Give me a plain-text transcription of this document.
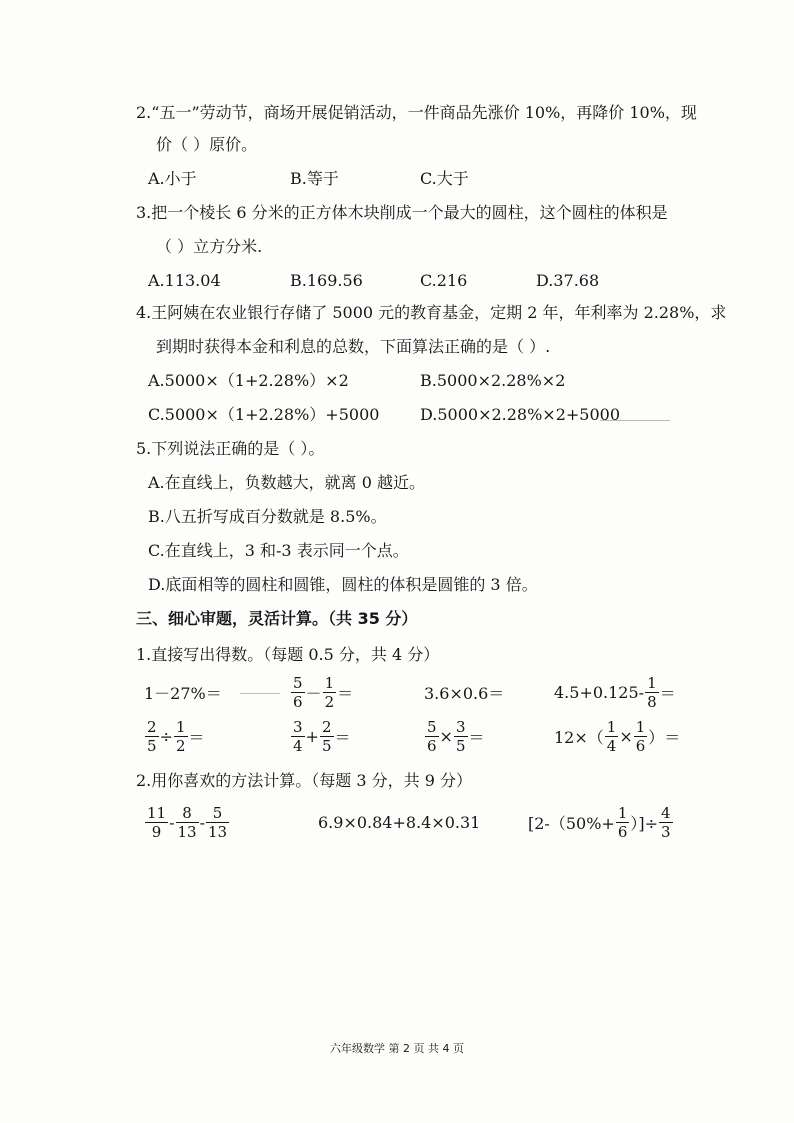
2.“五一”劳动节，商场开展促销活动，一件商品先涨价 10%，再降价 10%，现
价（ ）原价。
A.小于	B.等于	C.大于
3.把一个棱长 6 分米的正方体木块削成一个最大的圆柱，这个圆柱的体积是
（ ）立方分米.
A.113.04	B.169.56	C.216	D.37.68
4.王阿姨在农业银行存储了 5000 元的教育基金，定期 2 年，年利率为 2.28%，求
到期时获得本金和利息的总数，下面算法正确的是（ ）.
A.5000×（1+2.28%）×2	B.5000×2.28%×2
C.5000×（1+2.28%）+5000	D.5000×2.28%×2+5000
5.下列说法正确的是（ ）。
A.在直线上，负数越大，就离 0 越近。
B.八五折写成百分数就是 8.5%。
C.在直线上，3 和-3 表示同一个点。
D.底面相等的圆柱和圆锥，圆柱的体积是圆锥的 3 倍。
三、细心审题，灵活计算。（共 35 分）
1.直接写出得数。（每题 0.5 分，共 4 分）
1－27%＝	$\frac{5}{6} - \frac{1}{2}$ ＝	3.6×0.6＝	$4.5+0.125- \frac{1}{8}$ ＝
$\frac{2}{5} \div \frac{1}{2}$ ＝	$\frac{3}{4} + \frac{2}{5}$ ＝	$\frac{5}{6} \times \frac{3}{5}$ ＝	$12\times( \frac{1}{4} \times \frac{1}{6}$ ）＝
2.用你喜欢的方法计算。（每题 3 分，共 9 分）
$\frac{11}{9} - \frac{8}{13} - \frac{5}{13}$	6.9×0.84+8.4×0.31	[$2-(50\%+ \frac{1}{6}$ ）]÷ $\frac{4}{3}$
六年级数学 第 2 页 共 4 页
